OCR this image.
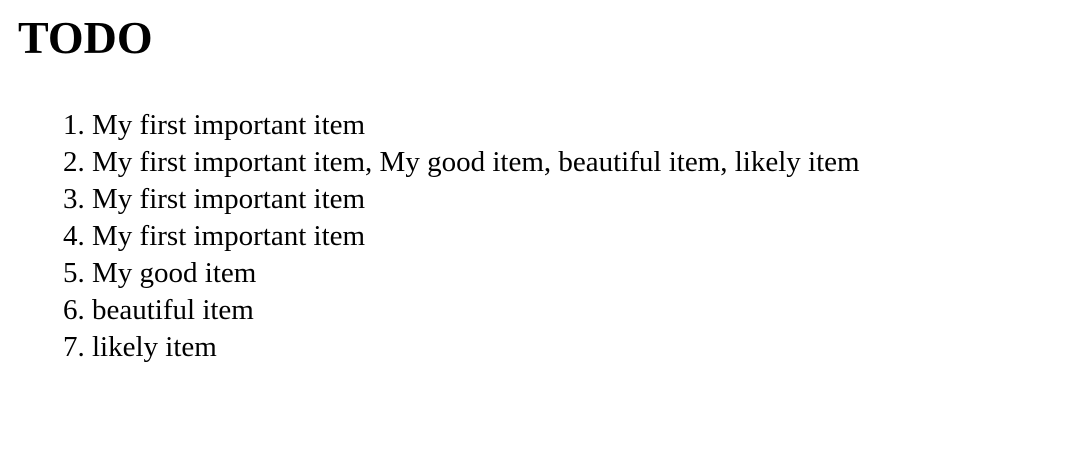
TODO
1. My first important item
2. My first important item, My good item, beautiful item, likely item
3. My first important item
4. My first important item
5. My good item
6. beautiful item
7. likely item
